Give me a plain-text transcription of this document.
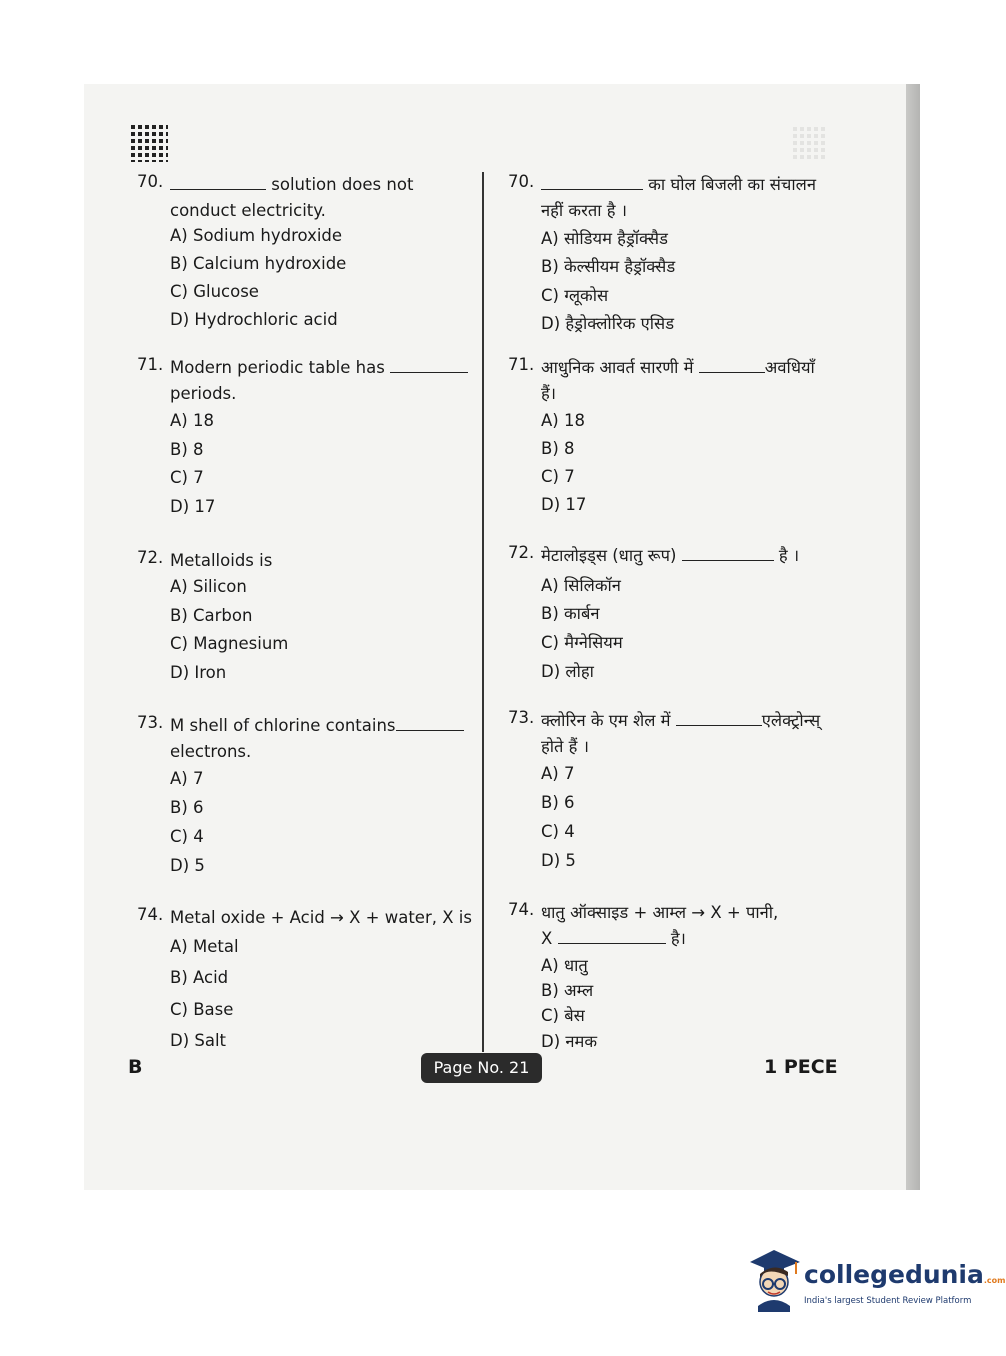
70.	solution does not
conduct electricity.
A) Sodium hydroxide
B) Calcium hydroxide
C) Glucose
D) Hydrochloric acid
71. Modern periodic table has
periods.
A) 18
B) 8
C) 7
D) 17
72. Metalloids is
A) Silicon
B) Carbon
C) Magnesium
D) Iron
73. M shell of chlorine contains
electrons.
A) 7
B) 6
C) 4
D) 5
74. Metal oxide + Acid → X + water, X is
A) Metal
B) Acid
C) Base
D) Salt
70.	का घोल बिजली का संचालन
नहीं करता है ।
A) सोडियम हैड्रॉक्सैड
B) केल्सीयम हैड्रॉक्सैड
C) ग्लूकोस
D) हैड्रोक्लोरिक एसिड
71. आधुनिक आवर्त सारणी में	अवधियाँ
हैं।
A) 18
B) 8
C) 7
D) 17
72. मेटालोइड्स (धातु रूप)	है ।
A) सिलिकॉन
B) कार्बन
C) मैग्नेसियम
D) लोहा
73. क्लोरिन के एम शेल में	एलेक्ट्रोन्स्
होते हैं ।
A) 7
B) 6
C) 4
D) 5
74. धातु ऑक्साइड + आम्ल → X + पानी,
X	है।
A) धातु
B) अम्ल
C) बेस
D) नमक
B	Page No. 21	1 PECE
collegedunia.com
India's largest Student Review Platform
